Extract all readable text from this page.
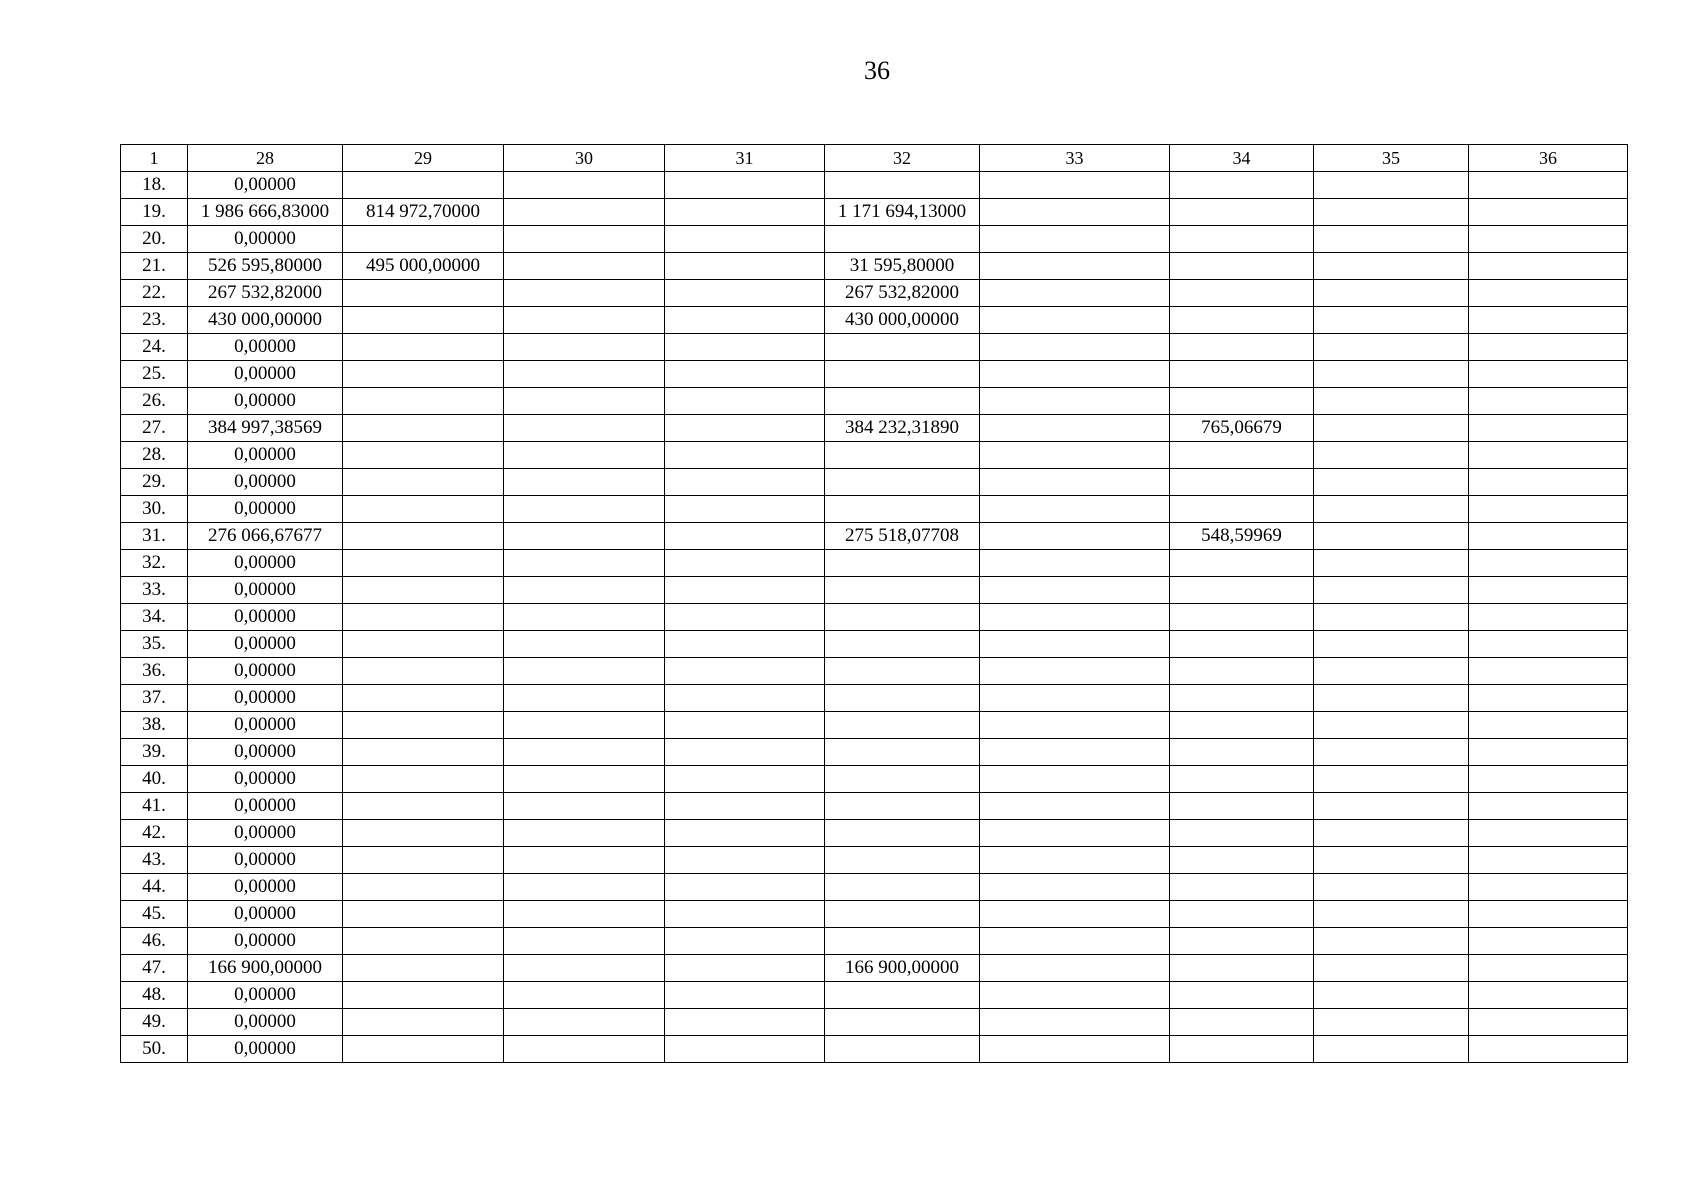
36
1	28	29	30	31	32	33	34	35	36
18.	0,00000								
19.	1 986 666,83000	814 972,70000			1 171 694,13000				
20.	0,00000								
21.	526 595,80000	495 000,00000			31 595,80000				
22.	267 532,82000				267 532,82000				
23.	430 000,00000				430 000,00000				
24.	0,00000								
25.	0,00000								
26.	0,00000								
27.	384 997,38569				384 232,31890		765,06679		
28.	0,00000								
29.	0,00000								
30.	0,00000								
31.	276 066,67677				275 518,07708		548,59969		
32.	0,00000								
33.	0,00000								
34.	0,00000								
35.	0,00000								
36.	0,00000								
37.	0,00000								
38.	0,00000								
39.	0,00000								
40.	0,00000								
41.	0,00000								
42.	0,00000								
43.	0,00000								
44.	0,00000								
45.	0,00000								
46.	0,00000								
47.	166 900,00000				166 900,00000				
48.	0,00000								
49.	0,00000								
50.	0,00000								
